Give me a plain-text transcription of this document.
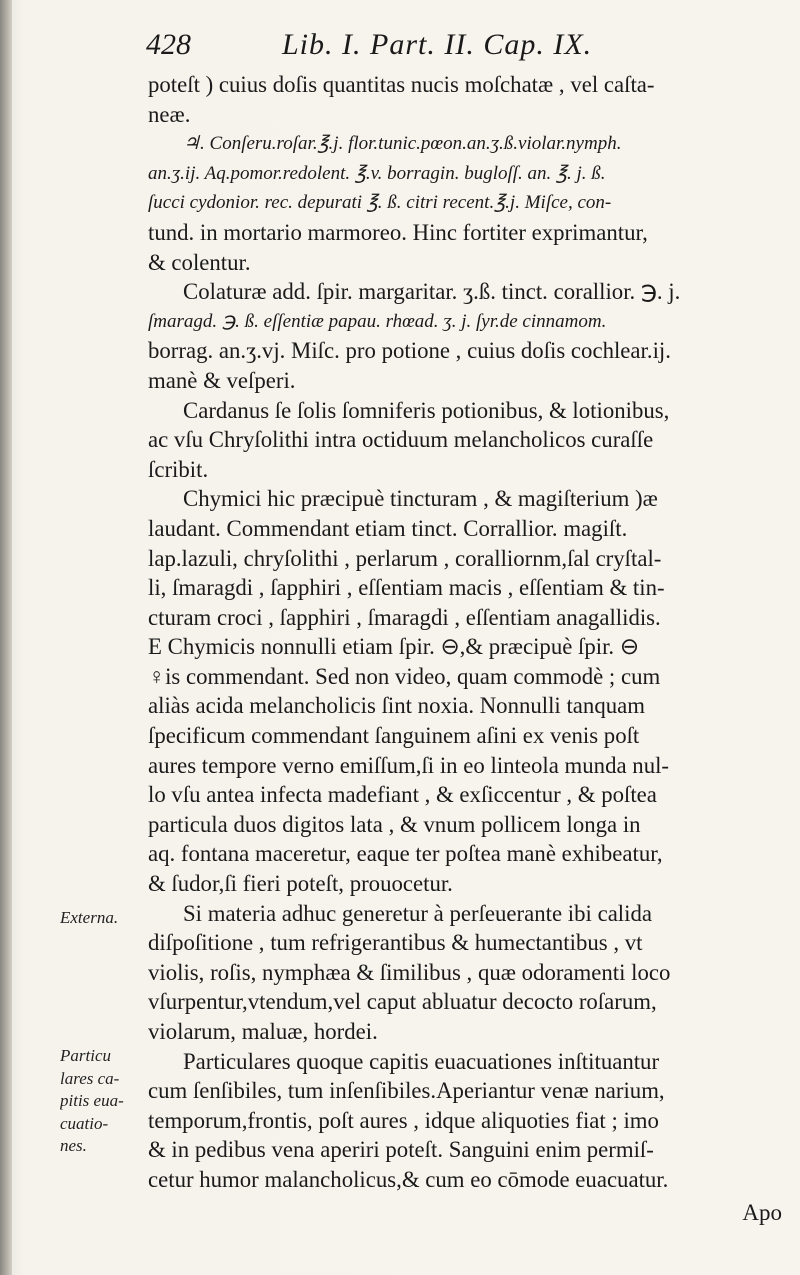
428	Lib. I. Part. II. Cap. IX.
poteſt ) cuius doſis quantitas nucis moſchatæ , vel caſta-
neæ.
♃. Conſeru.roſar.℥.j. flor.tunic.pœon.an.ʒ.ß.violar.nymph.
an.ʒ.ij. Aq.pomor.redolent. ℥.v. borragin. bugloſſ. an. ℥. j. ß.
ſucci cydonior. rec. depurati ℥. ß. citri recent.℥.j. Miſce, con-
tund. in mortario marmoreo. Hinc fortiter exprimantur,
& colentur.
Colaturæ add. ſpir. margaritar. ʒ.ß. tinct. corallior. ℈. j.
ſmaragd. ℈. ß. eſſentiæ papau. rhœad. ʒ. j. ſyr.de cinnamom.
borrag. an.ʒ.vj. Miſc. pro potione , cuius doſis cochlear.ij.
manè & veſperi.
Cardanus ſe ſolis ſomniferis potionibus, & lotionibus,
ac vſu Chryſolithi intra octiduum melancholicos curaſſe
ſcribit.
Chymici hic præcipuè tincturam , & magiſterium )æ
laudant. Commendant etiam tinct. Corrallior. magiſt.
lap.lazuli, chryſolithi , perlarum , coralliornm,ſal cryſtal-
li, ſmaragdi , ſapphiri , eſſentiam macis , eſſentiam & tin-
cturam croci , ſapphiri , ſmaragdi , eſſentiam anagallidis.
E Chymicis nonnulli etiam ſpir. ⊖,& præcipuè ſpir. ⊖
♀is commendant. Sed non video, quam commodè ; cum
aliàs acida melancholicis ſint noxia. Nonnulli tanquam
ſpecificum commendant ſanguinem aſini ex venis poſt
aures tempore verno emiſſum,ſi in eo linteola munda nul-
lo vſu antea infecta madefiant , & exſiccentur , & poſtea
particula duos digitos lata , & vnum pollicem longa in
aq. fontana maceretur, eaque ter poſtea manè exhibeatur,
& ſudor,ſi fieri poteſt, prouocetur.
Si materia adhuc generetur à perſeuerante ibi calida
diſpoſitione , tum refrigerantibus & humectantibus , vt
violis, roſis, nymphæa & ſimilibus , quæ odoramenti loco
vſurpentur,vtendum,vel caput abluatur decocto roſarum,
violarum, maluæ, hordei.
Particulares quoque capitis euacuationes inſtituantur
cum ſenſibiles, tum inſenſibiles.Aperiantur venæ narium,
temporum,frontis, poſt aures , idque aliquoties fiat ; imo
& in pedibus vena aperiri poteſt. Sanguini enim permiſ-
cetur humor malancholicus,& cum eo cōmode euacuatur.
Externa.
Particu
lares ca-
pitis eua-
cuatio-
nes.
Apo
